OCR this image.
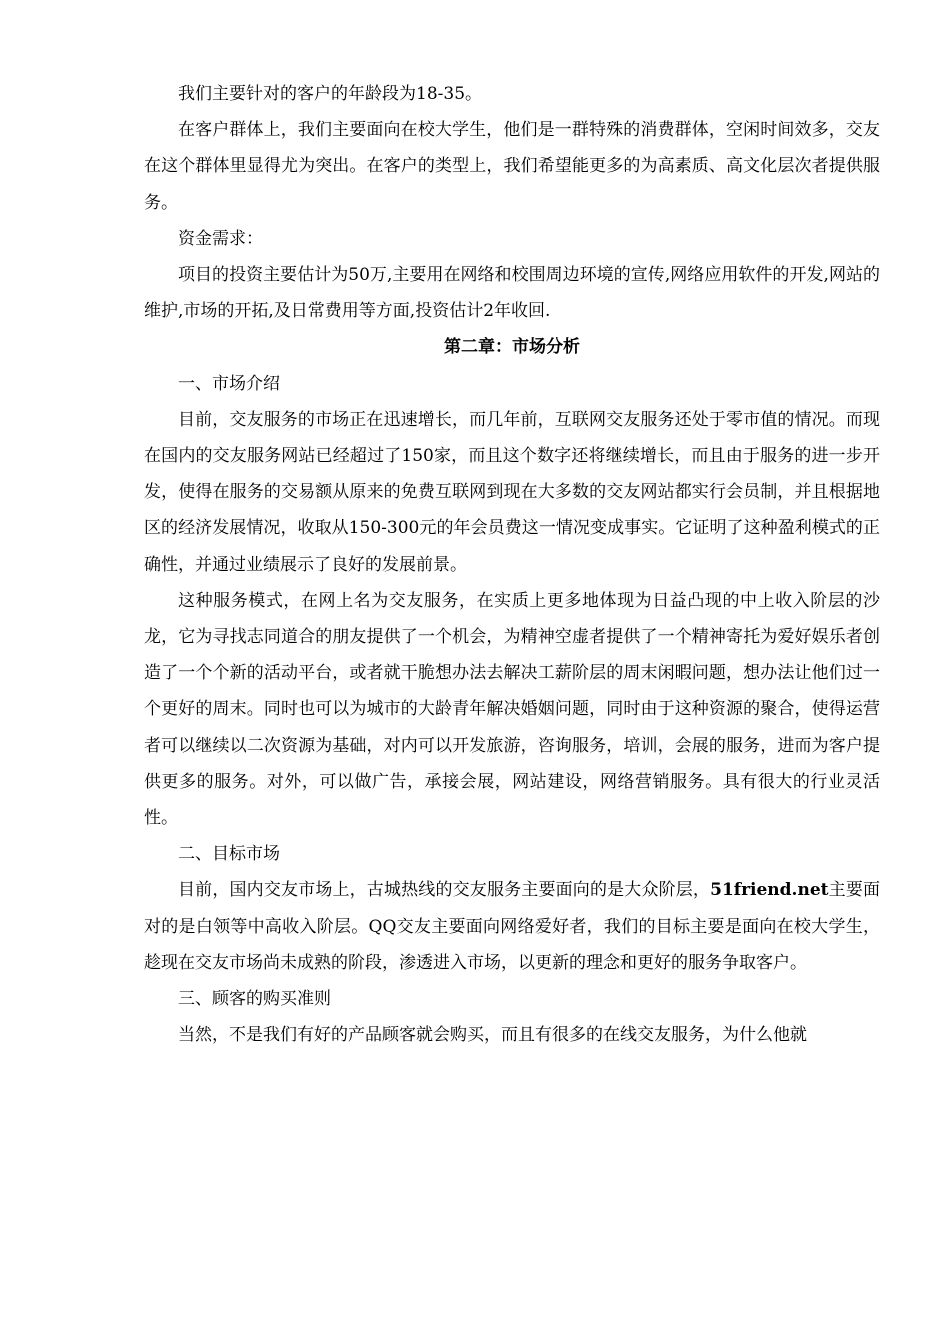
我们主要针对的客户的年龄段为18-35。

在客户群体上，我们主要面向在校大学生，他们是一群特殊的消费群体，空闲时间效多，交友在这个群体里显得尤为突出。在客户的类型上，我们希望能更多的为高素质、高文化层次者提供服务。

资金需求：

项目的投资主要估计为50万,主要用在网络和校围周边环境的宣传,网络应用软件的开发,网站的维护,市场的开拓,及日常费用等方面,投资估计2年收回.

第二章：市场分析

一、市场介绍

目前，交友服务的市场正在迅速增长，而几年前，互联网交友服务还处于零市值的情况。而现在国内的交友服务网站已经超过了150家，而且这个数字还将继续增长，而且由于服务的进一步开发，使得在服务的交易额从原来的免费互联网到现在大多数的交友网站都实行会员制，并且根据地区的经济发展情况，收取从150-300元的年会员费这一情况变成事实。它证明了这种盈利模式的正确性，并通过业绩展示了良好的发展前景。

这种服务模式，在网上名为交友服务，在实质上更多地体现为日益凸现的中上收入阶层的沙龙，它为寻找志同道合的朋友提供了一个机会，为精神空虚者提供了一个精神寄托为爱好娱乐者创造了一个个新的活动平台，或者就干脆想办法去解决工薪阶层的周末闲暇问题，想办法让他们过一个更好的周末。同时也可以为城市的大龄青年解决婚姻问题，同时由于这种资源的聚合，使得运营者可以继续以二次资源为基础，对内可以开发旅游，咨询服务，培训，会展的服务，进而为客户提供更多的服务。对外，可以做广告，承接会展，网站建设，网络营销服务。具有很大的行业灵活性。

二、目标市场

目前，国内交友市场上，古城热线的交友服务主要面向的是大众阶层，51friend.net主要面对的是白领等中高收入阶层。QQ交友主要面向网络爱好者，我们的目标主要是面向在校大学生，趁现在交友市场尚未成熟的阶段，渗透进入市场，以更新的理念和更好的服务争取客户。

三、顾客的购买准则

当然，不是我们有好的产品顾客就会购买，而且有很多的在线交友服务，为什么他就
